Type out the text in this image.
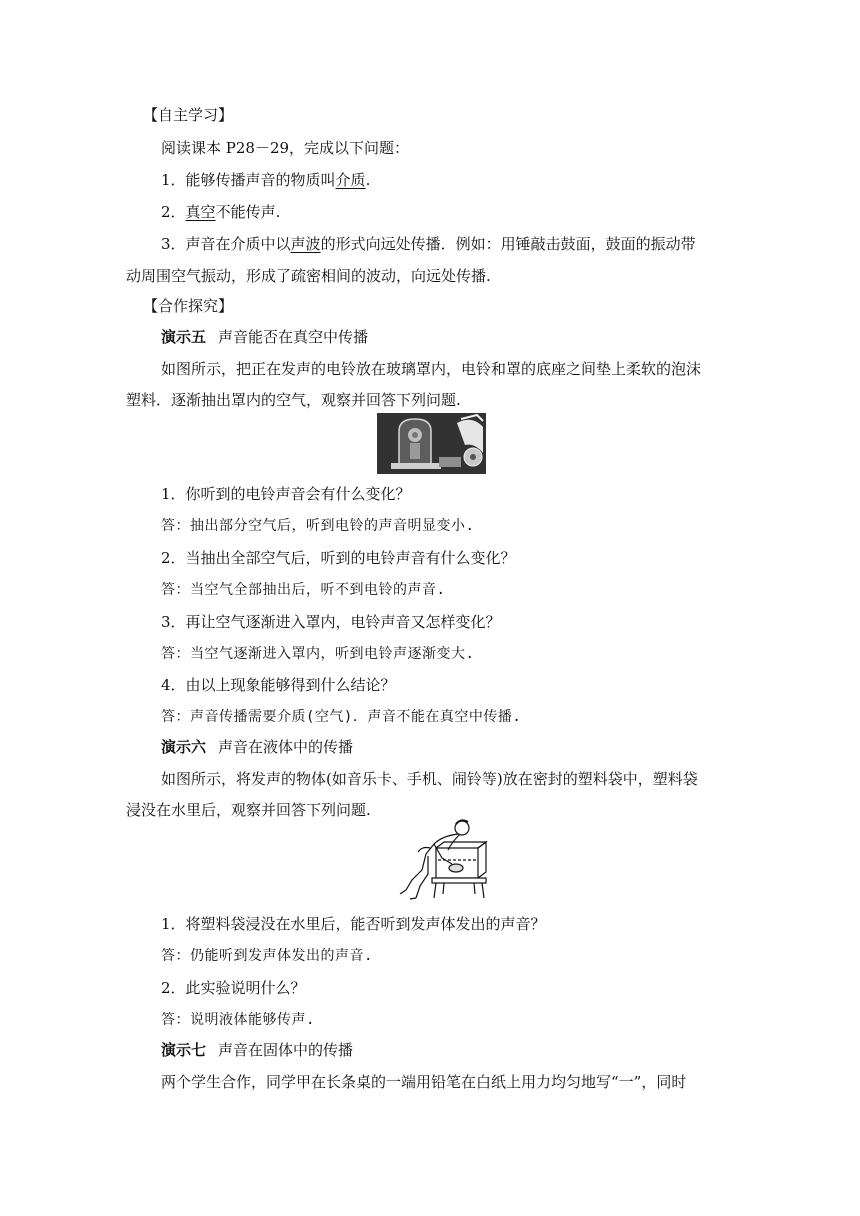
【自主学习】
阅读课本 P28－29，完成以下问题：
1．能够传播声音的物质叫介质.
2．真空不能传声.
3．声音在介质中以声波的形式向远处传播．例如：用锤敲击鼓面，鼓面的振动带
动周围空气振动，形成了疏密相间的波动，向远处传播.
【合作探究】
演示五 声音能否在真空中传播
如图所示，把正在发声的电铃放在玻璃罩内，电铃和罩的底座之间垫上柔软的泡沫
塑料．逐渐抽出罩内的空气，观察并回答下列问题.
1．你听到的电铃声音会有什么变化？
答：抽出部分空气后，听到电铃的声音明显变小.
2．当抽出全部空气后，听到的电铃声音有什么变化？
答：当空气全部抽出后，听不到电铃的声音.
3．再让空气逐渐进入罩内，电铃声音又怎样变化？
答：当空气逐渐进入罩内，听到电铃声逐渐变大.
4．由以上现象能够得到什么结论？
答：声音传播需要介质(空气)．声音不能在真空中传播.
演示六 声音在液体中的传播
如图所示，将发声的物体(如音乐卡、手机、闹铃等)放在密封的塑料袋中，塑料袋
浸没在水里后，观察并回答下列问题.
1．将塑料袋浸没在水里后，能否听到发声体发出的声音？
答：仍能听到发声体发出的声音.
2．此实验说明什么？
答：说明液体能够传声.
演示七 声音在固体中的传播
两个学生合作，同学甲在长条桌的一端用铅笔在白纸上用力均匀地写“一”，同时
